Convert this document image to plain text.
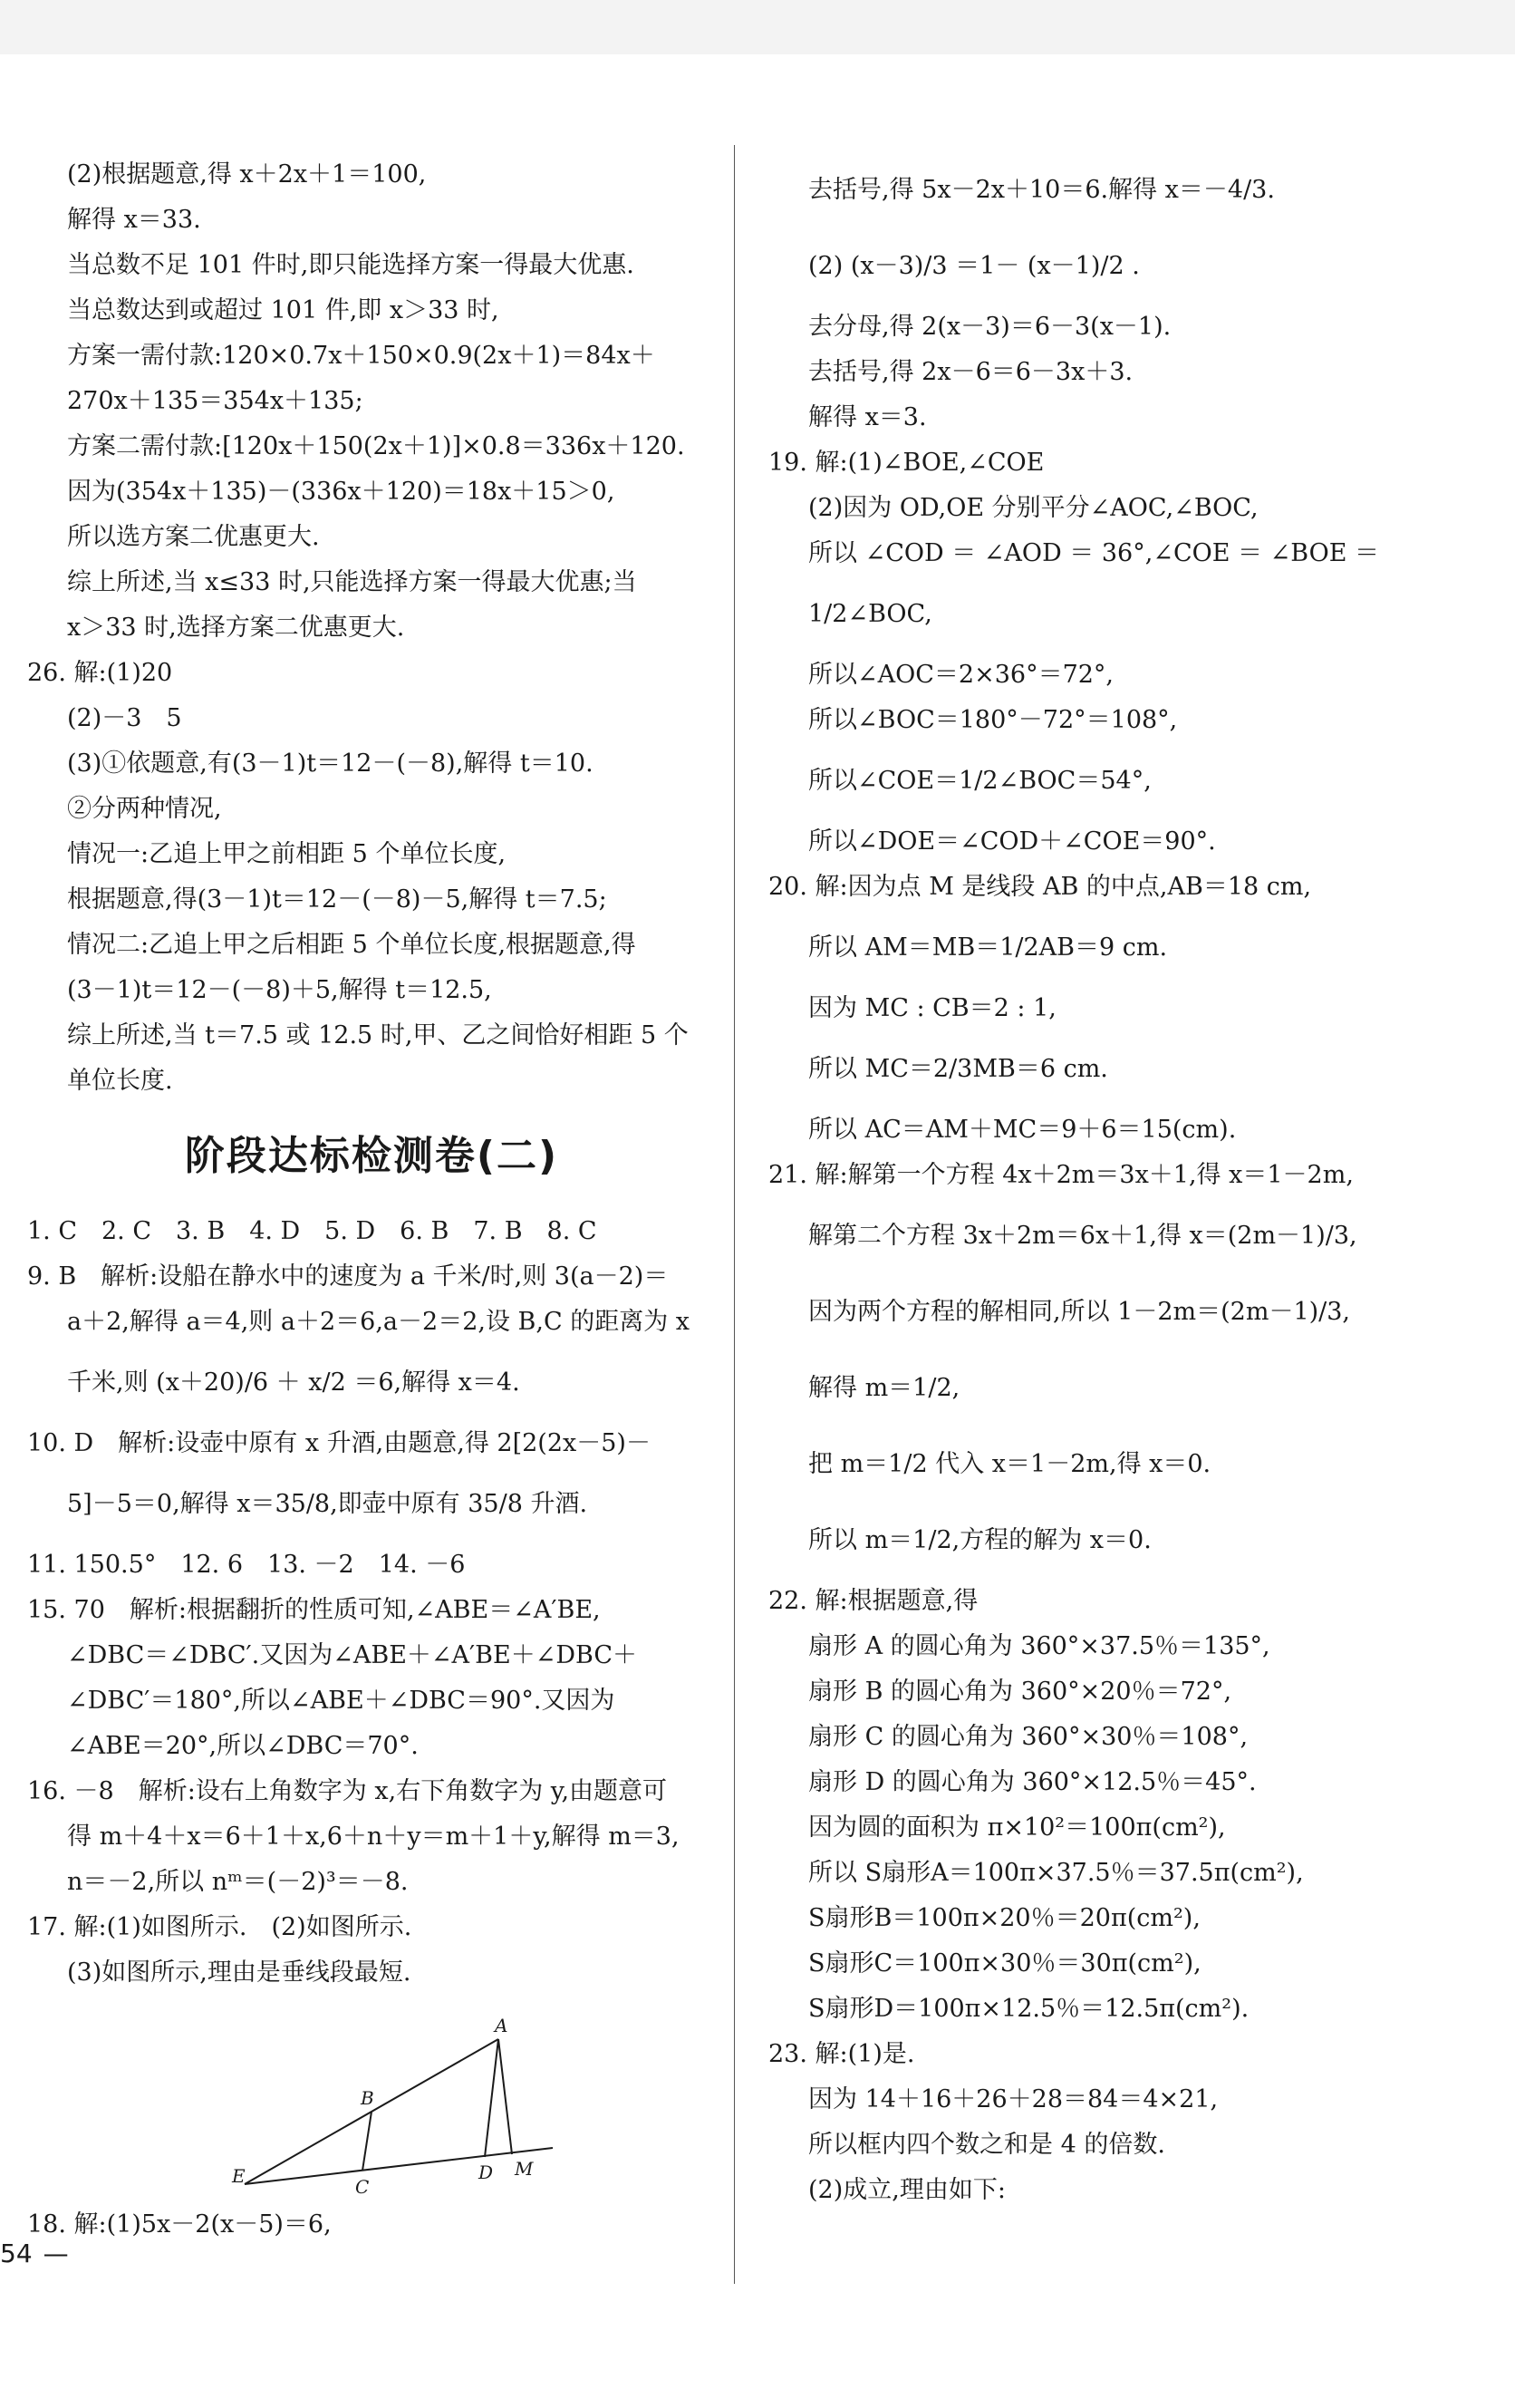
(2)根据题意,得 x＋2x＋1＝100,
解得 x＝33.
当总数不足 101 件时,即只能选择方案一得最大优惠.
当总数达到或超过 101 件,即 x＞33 时,
方案一需付款:120×0.7x＋150×0.9(2x＋1)＝84x＋
270x＋135＝354x＋135;
方案二需付款:[120x＋150(2x＋1)]×0.8＝336x＋120.
因为(354x＋135)－(336x＋120)＝18x＋15＞0,
所以选方案二优惠更大.
综上所述,当 x≤33 时,只能选择方案一得最大优惠;当
x＞33 时,选择方案二优惠更大.
26. 解:(1)20
(2)－3　5
(3)①依题意,有(3－1)t＝12－(－8),解得 t＝10.
②分两种情况,
情况一:乙追上甲之前相距 5 个单位长度,
根据题意,得(3－1)t＝12－(－8)－5,解得 t＝7.5;
情况二:乙追上甲之后相距 5 个单位长度,根据题意,得
(3－1)t＝12－(－8)＋5,解得 t＝12.5,
综上所述,当 t＝7.5 或 12.5 时,甲、乙之间恰好相距 5 个
单位长度.
阶段达标检测卷(二)
1. C　2. C　3. B　4. D　5. D　6. B　7. B　8. C
9. B　解析:设船在静水中的速度为 a 千米/时,则 3(a－2)＝
a＋2,解得 a＝4,则 a＋2＝6,a－2＝2,设 B,C 的距离为 x
千米,则 (x＋20)/6 ＋ x/2 ＝6,解得 x＝4.
10. D　解析:设壶中原有 x 升酒,由题意,得 2[2(2x－5)－
5]－5＝0,解得 x＝35/8,即壶中原有 35/8 升酒.
11. 150.5°　12. 6　13. －2　14. －6
15. 70　解析:根据翻折的性质可知,∠ABE＝∠A′BE,
∠DBC＝∠DBC′.又因为∠ABE＋∠A′BE＋∠DBC＋
∠DBC′＝180°,所以∠ABE＋∠DBC＝90°.又因为
∠ABE＝20°,所以∠DBC＝70°.
16. －8　解析:设右上角数字为 x,右下角数字为 y,由题意可
得 m＋4＋x＝6＋1＋x,6＋n＋y＝m＋1＋y,解得 m＝3,
n＝－2,所以 nᵐ＝(－2)³＝－8.
17. 解:(1)如图所示.　(2)如图所示.
(3)如图所示,理由是垂线段最短.
A
B
C
D
E	M
18. 解:(1)5x－2(x－5)＝6,
去括号,得 5x－2x＋10＝6.解得 x＝－4/3.
(2) (x－3)/3 ＝1－ (x－1)/2 .
去分母,得 2(x－3)＝6－3(x－1).
去括号,得 2x－6＝6－3x＋3.
解得 x＝3.
19. 解:(1)∠BOE,∠COE
(2)因为 OD,OE 分别平分∠AOC,∠BOC,
所以 ∠COD ＝ ∠AOD ＝ 36°,∠COE ＝ ∠BOE ＝
1/2∠BOC,
所以∠AOC＝2×36°＝72°,
所以∠BOC＝180°－72°＝108°,
所以∠COE＝1/2∠BOC＝54°,
所以∠DOE＝∠COD＋∠COE＝90°.
20. 解:因为点 M 是线段 AB 的中点,AB＝18 cm,
所以 AM＝MB＝1/2AB＝9 cm.
因为 MC : CB＝2 : 1,
所以 MC＝2/3MB＝6 cm.
所以 AC＝AM＋MC＝9＋6＝15(cm).
21. 解:解第一个方程 4x＋2m＝3x＋1,得 x＝1－2m,
解第二个方程 3x＋2m＝6x＋1,得 x＝(2m－1)/3,
因为两个方程的解相同,所以 1－2m＝(2m－1)/3,
解得 m＝1/2,
把 m＝1/2 代入 x＝1－2m,得 x＝0.
所以 m＝1/2,方程的解为 x＝0.
22. 解:根据题意,得
扇形 A 的圆心角为 360°×37.5％＝135°,
扇形 B 的圆心角为 360°×20％＝72°,
扇形 C 的圆心角为 360°×30％＝108°,
扇形 D 的圆心角为 360°×12.5％＝45°.
因为圆的面积为 π×10²＝100π(cm²),
所以 S扇形A＝100π×37.5％＝37.5π(cm²),
S扇形B＝100π×20％＝20π(cm²),
S扇形C＝100π×30％＝30π(cm²),
S扇形D＝100π×12.5％＝12.5π(cm²).
23. 解:(1)是.
因为 14＋16＋26＋28＝84＝4×21,
所以框内四个数之和是 4 的倍数.
(2)成立,理由如下:
54 —
